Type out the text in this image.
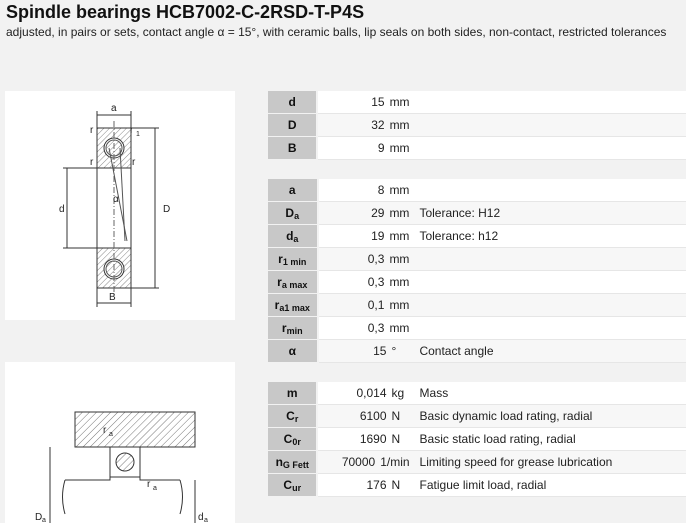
Spindle bearings HCB7002-C-2RSD-T-P4S
adjusted, in pairs or sets, contact angle α = 15°, with ceramic balls, lip seals on both sides, non-contact, restricted tolerances
a
r	r 1
r	r
d	D
α
B
r a
r a
D a	d a
d	15 mm	
D	32 mm	
B	9 mm	
a	8 mm	
$D_a$	29 mm	Tolerance: H12
$d_a$	19 mm	Tolerance: h12
$r_{1 min}$	0,3 mm	
$r_{a max}$	0,3 mm	
$r_{a1 max}$	0,1 mm	
$r_{min}$	0,3 mm	
α	15 °	Contact angle
m	0,014 kg	Mass
$C_r$	6100 N	Basic dynamic load rating, radial
$C_{0r}$	1690 N	Basic static load rating, radial
$n_{G Fett}$	70000 1/min	Limiting speed for grease lubrication
$C_{ur}$	176 N	Fatigue limit load, radial
